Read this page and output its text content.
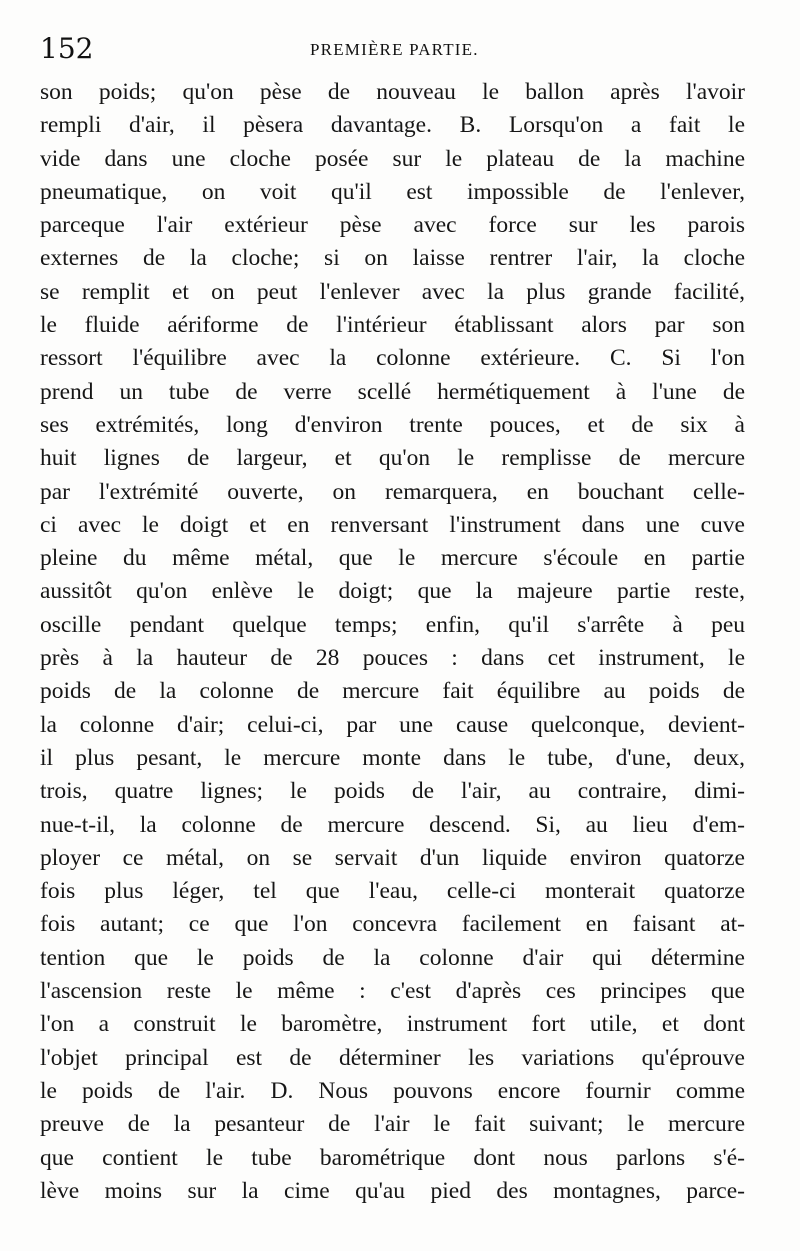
152	PREMIÈRE PARTIE.
son poids; qu'on pèse de nouveau le ballon après l'avoir
rempli d'air, il pèsera davantage. B. Lorsqu'on a fait le
vide dans une cloche posée sur le plateau de la machine
pneumatique, on voit qu'il est impossible de l'enlever,
parceque l'air extérieur pèse avec force sur les parois
externes de la cloche; si on laisse rentrer l'air, la cloche
se remplit et on peut l'enlever avec la plus grande facilité,
le fluide aériforme de l'intérieur établissant alors par son
ressort l'équilibre avec la colonne extérieure. C. Si l'on
prend un tube de verre scellé hermétiquement à l'une de
ses extrémités, long d'environ trente pouces, et de six à
huit lignes de largeur, et qu'on le remplisse de mercure
par l'extrémité ouverte, on remarquera, en bouchant celle-
ci avec le doigt et en renversant l'instrument dans une cuve
pleine du même métal, que le mercure s'écoule en partie
aussitôt qu'on enlève le doigt; que la majeure partie reste,
oscille pendant quelque temps; enfin, qu'il s'arrête à peu
près à la hauteur de 28 pouces : dans cet instrument, le
poids de la colonne de mercure fait équilibre au poids de
la colonne d'air; celui-ci, par une cause quelconque, devient-
il plus pesant, le mercure monte dans le tube, d'une, deux,
trois, quatre lignes; le poids de l'air, au contraire, dimi-
nue-t-il, la colonne de mercure descend. Si, au lieu d'em-
ployer ce métal, on se servait d'un liquide environ quatorze
fois plus léger, tel que l'eau, celle-ci monterait quatorze
fois autant; ce que l'on concevra facilement en faisant at-
tention que le poids de la colonne d'air qui détermine
l'ascension reste le même : c'est d'après ces principes que
l'on a construit le baromètre, instrument fort utile, et dont
l'objet principal est de déterminer les variations qu'éprouve
le poids de l'air. D. Nous pouvons encore fournir comme
preuve de la pesanteur de l'air le fait suivant; le mercure
que contient le tube barométrique dont nous parlons s'é-
lève moins sur la cime qu'au pied des montagnes, parce-
